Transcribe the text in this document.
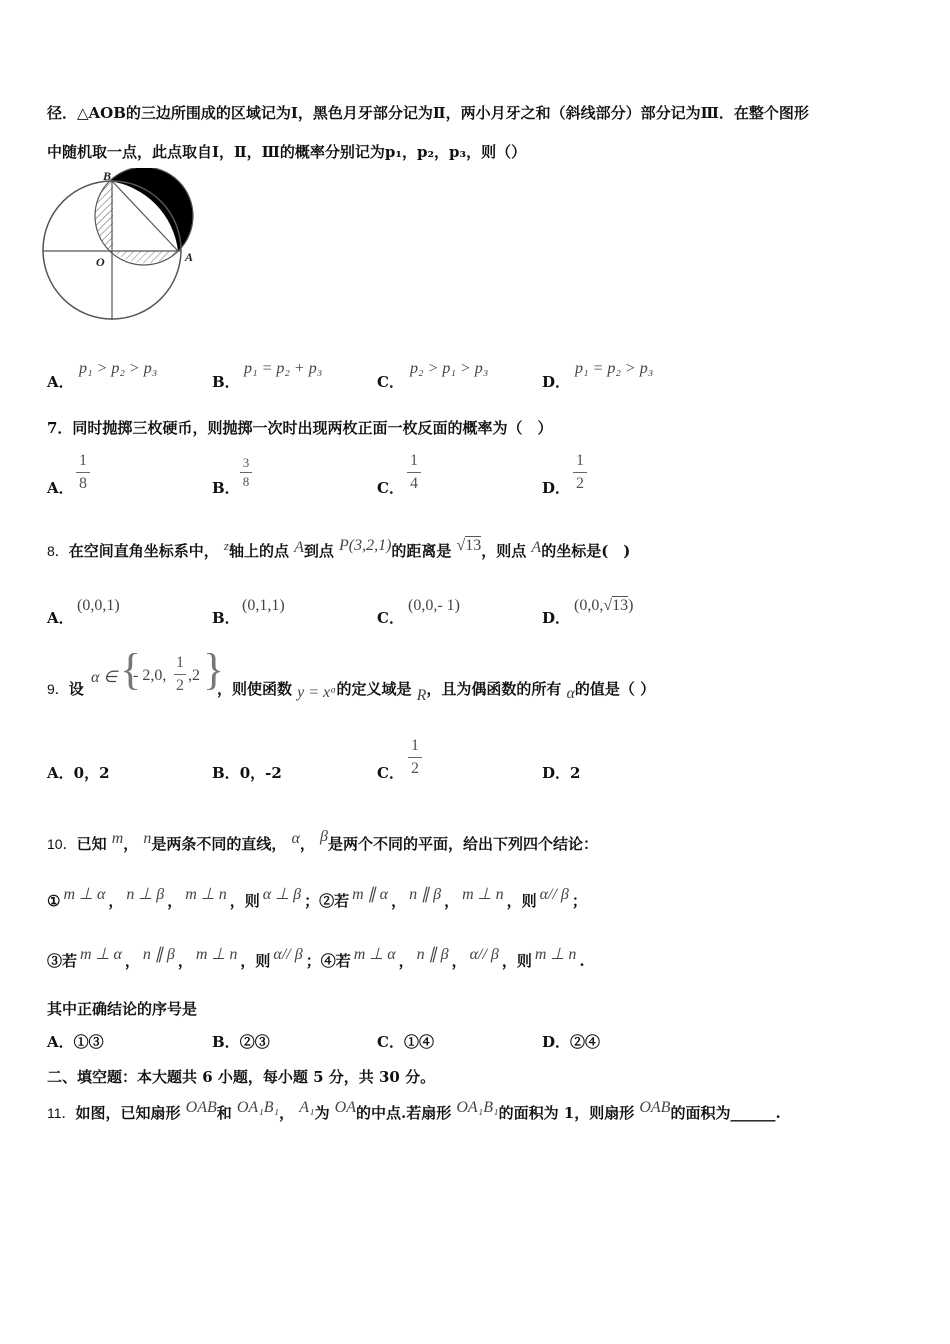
径．△AOB的三边所围成的区域记为Ⅰ，黑色月牙部分记为Ⅱ，两小月牙之和（斜线部分）部分记为Ⅲ．在整个图形
中随机取一点，此点取自Ⅰ，Ⅱ，Ⅲ的概率分别记为p₁，p₂，p₃，则（）
B
O	A
A．
p₁ > p₂ > p₃
B．
p₁ = p₂ + p₃
C．
p₂ > p₁ > p₃
D．
p₁ = p₂ > p₃
7．同时抛掷三枚硬币，则抛掷一次时出现两枚正面一枚反面的概率为（　）
A．
1
8	B．
3
8	C．
1
4	D．
1
2
8．在空间直角坐标系中， $^z$轴上的点 A到点 P(3,2,1)的距离是 √13，则点 A的坐标是(　)
A．
(0,0,1)
B．
(0,1,1)
C．
(0,0,- 1)
D．
(0,0,√13)
9．设
α ∈ {
- 2,0,
1
2
,2 }
，则使函数 y = xᵅ的定义域是 R，且为偶函数的所有 α的值是（ ）
A．0，2	B．0，-2	C．
1
2	D．2
10．已知 m， n是两条不同的直线， α， β是两个不同的平面，给出下列四个结论：
① m ⊥ α ， n ⊥ β ， m ⊥ n ，则 α ⊥ β ；②若 m ∥ α ， n ∥ β ， m ⊥ n ，则 α// β ；
③若 m ⊥ α ， n ∥ β ， m ⊥ n ，则 α// β ；④若 m ⊥ α ， n ∥ β ， α// β ，则 m ⊥ n .
其中正确结论的序号是
A．①③	B．②③	C．①④	D．②④
二、填空题：本大题共 6 小题，每小题 5 分，共 30 分。
11．如图，已知扇形 OAB和 OA₁B₁， A₁为 OA的中点.若扇形 OA₁B₁的面积为 1，则扇形 OAB的面积为______.
